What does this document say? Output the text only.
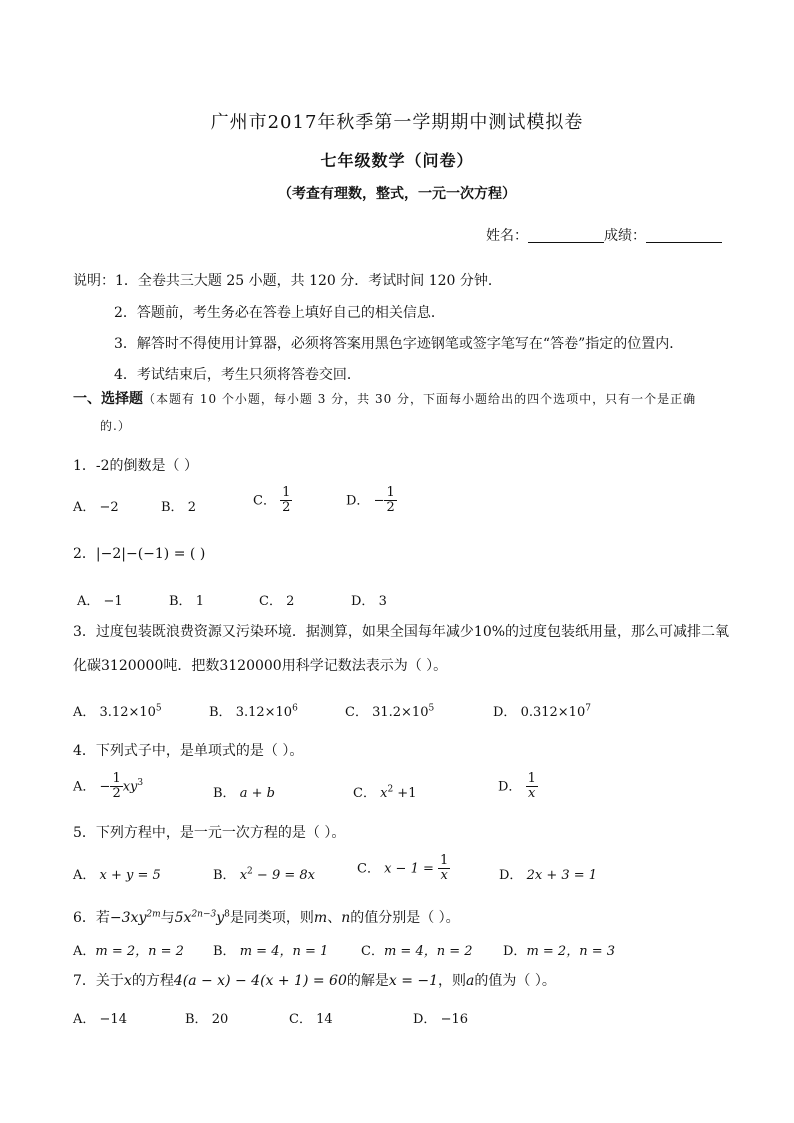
广州市2017年秋季第一学期期中测试模拟卷
七年级数学（问卷）
（考查有理数，整式，一元一次方程）
姓名：	成绩：
说明：1．全卷共三大题 25 小题，共 120 分．考试时间 120 分钟．
2．答题前，考生务必在答卷上填好自己的相关信息．
3．解答时不得使用计算器，必须将答案用黑色字迹钢笔或签字笔写在“答卷”指定的位置内．
4．考试结束后，考生只须将答卷交回．
一、选择题（本题有 10 个小题，每小题 3 分，共 30 分，下面每小题给出的四个选项中，只有一个是正确
的.）
1．-2的倒数是（ ）
A． −2	B． 2	C． $\frac{1}{2}$	D． − $\frac{1}{2}$
2．|−2|−(−1) = ( )
A． −1	B． 1	C． 2	D． 3
3．过度包装既浪费资源又污染环境．据测算，如果全国每年减少10%的过度包装纸用量，那么可减排二氧
化碳3120000吨．把数3120000用科学记数法表示为（ ）。
A． $3.12\times 10^5$	B． $3.12\times 10^6$	C． $31.2\times 10^5$	D． $0.312\times 10^7$
4．下列式子中，是单项式的是（ ）。
A． − $\frac{1}{2} xy^3$
B． a + b	C． $x^2 +1$	D． $\frac{1}{x}$
5．下列方程中，是一元一次方程的是（ ）。
A． x + y = 5	B． $x^2 - 9 = 8x$	C． $x - 1 = \frac{1}{x}$	D． 2x + 3 = 1
6．若$-3xy^{2m}$与$5x^{2n-3}y^8$是同类项，则m、n的值分别是（ ）。
A．m = 2，n = 2 B． m = 4，n = 1	C．m = 4，n = 2 D．m = 2，n = 3
7．关于x的方程4(a − x) − 4(x + 1) = 60的解是x = −1，则a的值为（ ）。
A． −14	B． 20	C． 14	D． −16
